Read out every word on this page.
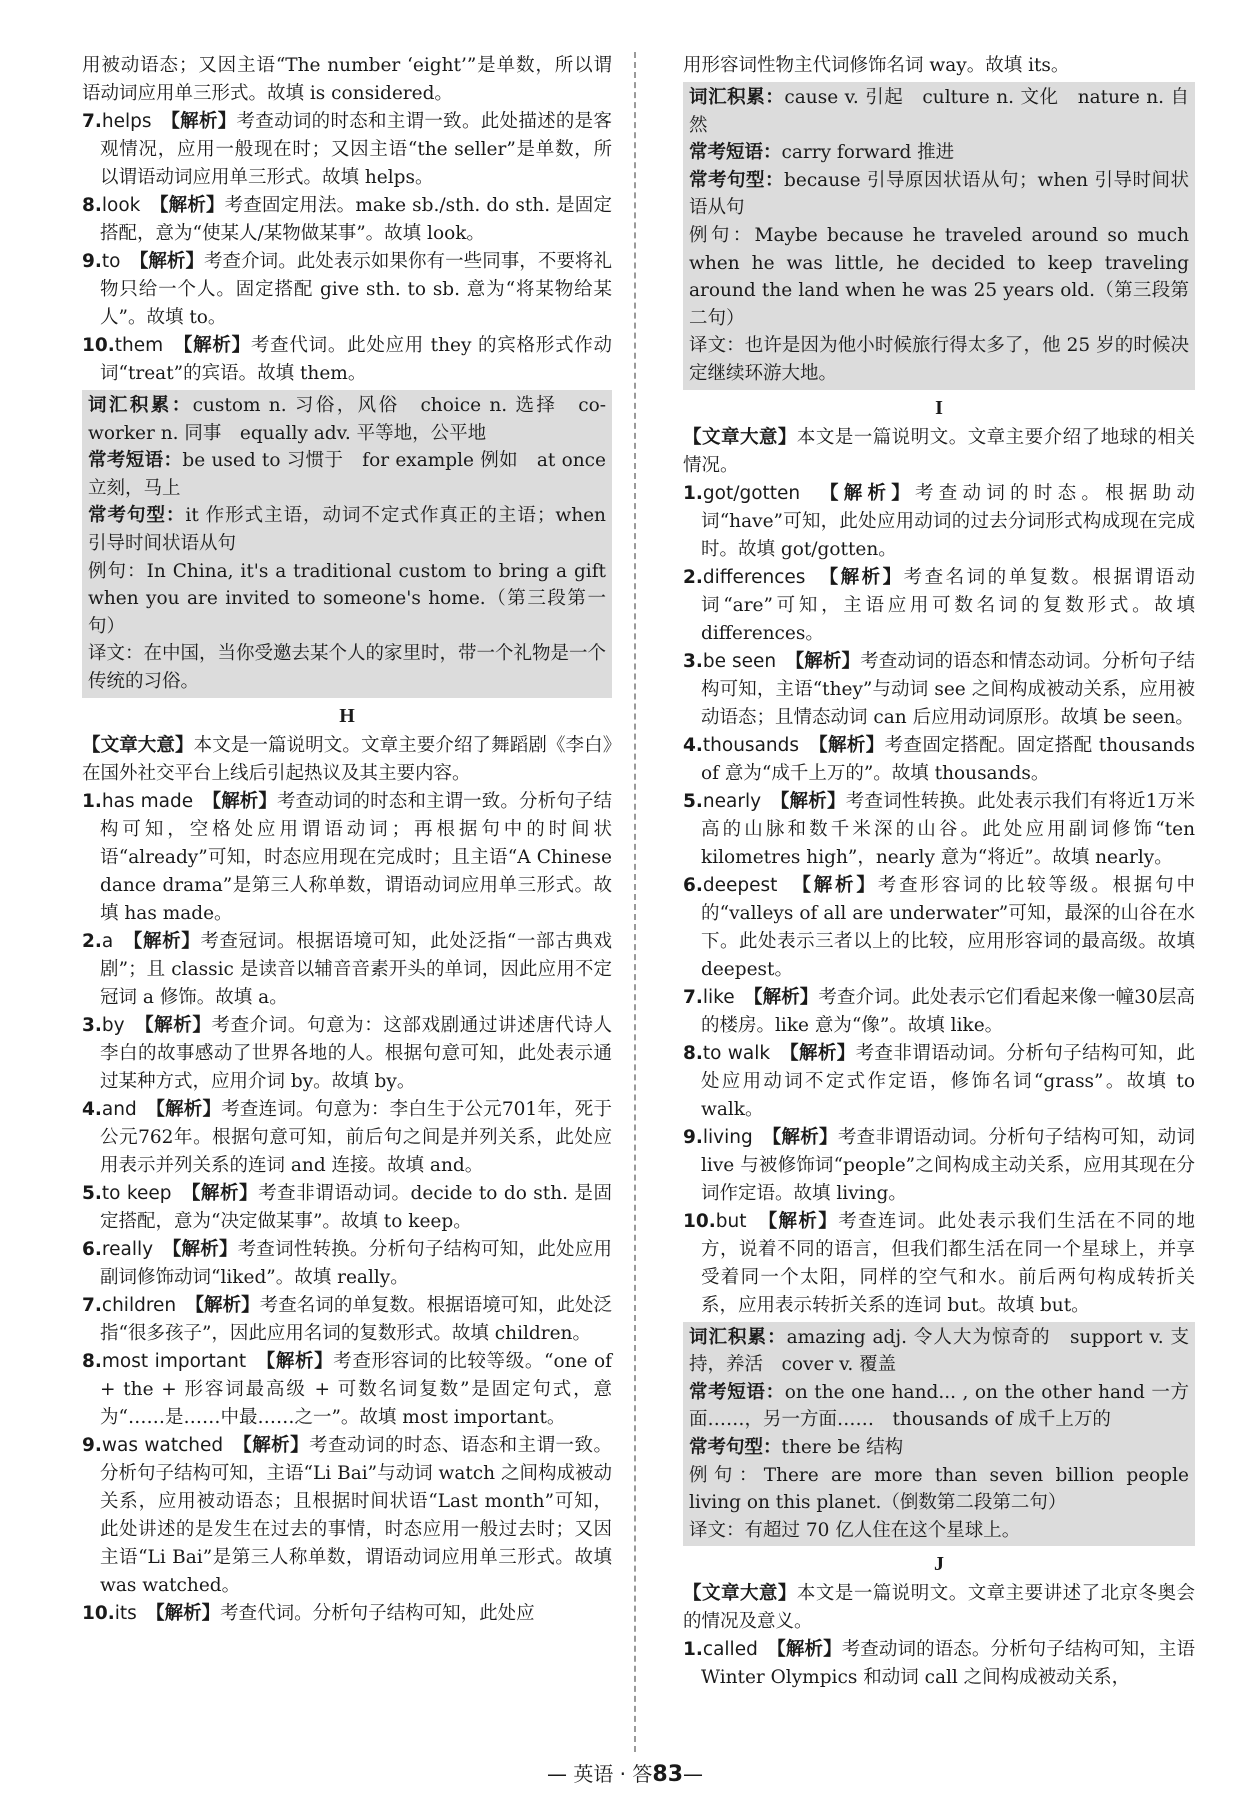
用被动语态；又因主语“The number ‘eight’”是单数，所以谓语动词应用单三形式。故填 is considered。

7.helps　 【解析】考查动词的时态和主谓一致。此处描述的是客观情况，应用一般现在时；又因主语“the seller”是单数，所以谓语动词应用单三形式。故填 helps。

8.look　 【解析】考查固定用法。make sb./sth. do sth. 是固定搭配，意为“使某人/某物做某事”。故填 look。

9.to　 【解析】考查介词。此处表示如果你有一些同事，不要将礼物只给一个人。固定搭配 give sth. to sb. 意为“将某物给某人”。故填 to。

10.them　 【解析】考查代词。此处应用 they 的宾格形式作动词“treat”的宾语。故填 them。

词汇积累：custom n. 习俗，风俗　choice n. 选择　co-worker n. 同事　equally adv. 平等地，公平地

常考短语：be used to 习惯于　for example 例如　at once 立刻，马上

常考句型：it 作形式主语，动词不定式作真正的主语；when 引导时间状语从句

例句：In China, it's a traditional custom to bring a gift when you are invited to someone's home.（第三段第一句）

译文：在中国，当你受邀去某个人的家里时，带一个礼物是一个传统的习俗。

H

【文章大意】本文是一篇说明文。文章主要介绍了舞蹈剧《李白》在国外社交平台上线后引起热议及其主要内容。

1.has made　 【解析】考查动词的时态和主谓一致。分析句子结构可知，空格处应用谓语动词；再根据句中的时间状语“already”可知，时态应用现在完成时；且主语“A Chinese dance drama”是第三人称单数，谓语动词应用单三形式。故填 has made。

2.a　 【解析】考查冠词。根据语境可知，此处泛指“一部古典戏剧”；且 classic 是读音以辅音音素开头的单词，因此应用不定冠词 a 修饰。故填 a。

3.by　 【解析】考查介词。句意为：这部戏剧通过讲述唐代诗人李白的故事感动了世界各地的人。根据句意可知，此处表示通过某种方式，应用介词 by。故填 by。

4.and　 【解析】考查连词。句意为：李白生于公元701年，死于公元762年。根据句意可知，前后句之间是并列关系，此处应用表示并列关系的连词 and 连接。故填 and。

5.to keep　 【解析】考查非谓语动词。decide to do sth. 是固定搭配，意为“决定做某事”。故填 to keep。

6.really　 【解析】考查词性转换。分析句子结构可知，此处应用副词修饰动词“liked”。故填 really。

7.children　 【解析】考查名词的单复数。根据语境可知，此处泛指“很多孩子”，因此应用名词的复数形式。故填 children。

8.most important　 【解析】考查形容词的比较等级。“one of + the + 形容词最高级 + 可数名词复数”是固定句式，意为“……是……中最……之一”。故填 most important。

9.was watched　 【解析】考查动词的时态、语态和主谓一致。分析句子结构可知，主语“Li Bai”与动词 watch 之间构成被动关系，应用被动语态；且根据时间状语“Last month”可知，此处讲述的是发生在过去的事情，时态应用一般过去时；又因主语“Li Bai”是第三人称单数，谓语动词应用单三形式。故填 was watched。

10.its　 【解析】考查代词。分析句子结构可知，此处应

用形容词性物主代词修饰名词 way。故填 its。

词汇积累：cause v. 引起　culture n. 文化　nature n. 自然

常考短语：carry forward 推进

常考句型：because 引导原因状语从句；when 引导时间状语从句

例句：Maybe because he traveled around so much when he was little, he decided to keep traveling around the land when he was 25 years old.（第三段第二句）

译文：也许是因为他小时候旅行得太多了，他 25 岁的时候决定继续环游大地。

I

【文章大意】本文是一篇说明文。文章主要介绍了地球的相关情况。

1.got/gotten　 【解析】考查动词的时态。根据助动词“have”可知，此处应用动词的过去分词形式构成现在完成时。故填 got/gotten。

2.differences　 【解析】考查名词的单复数。根据谓语动词“are”可知，主语应用可数名词的复数形式。故填 differences。

3.be seen　 【解析】考查动词的语态和情态动词。分析句子结构可知，主语“they”与动词 see 之间构成被动关系，应用被动语态；且情态动词 can 后应用动词原形。故填 be seen。

4.thousands　 【解析】考查固定搭配。固定搭配 thousands of 意为“成千上万的”。故填 thousands。

5.nearly　 【解析】考查词性转换。此处表示我们有将近1万米高的山脉和数千米深的山谷。此处应用副词修饰“ten kilometres high”，nearly 意为“将近”。故填 nearly。

6.deepest　 【解析】考查形容词的比较等级。根据句中的“valleys of all are underwater”可知，最深的山谷在水下。此处表示三者以上的比较，应用形容词的最高级。故填 deepest。

7.like　 【解析】考查介词。此处表示它们看起来像一幢30层高的楼房。like 意为“像”。故填 like。

8.to walk　 【解析】考查非谓语动词。分析句子结构可知，此处应用动词不定式作定语，修饰名词“grass”。故填 to walk。

9.living　 【解析】考查非谓语动词。分析句子结构可知，动词 live 与被修饰词“people”之间构成主动关系，应用其现在分词作定语。故填 living。

10.but　 【解析】考查连词。此处表示我们生活在不同的地方，说着不同的语言，但我们都生活在同一个星球上，并享受着同一个太阳，同样的空气和水。前后两句构成转折关系，应用表示转折关系的连词 but。故填 but。

词汇积累：amazing adj. 令人大为惊奇的　support v. 支持，养活　cover v. 覆盖

常考短语：on the one hand... , on the other hand 一方面……，另一方面……　thousands of 成千上万的

常考句型：there be 结构

例句：There are more than seven billion people living on this planet.（倒数第二段第二句）

译文：有超过 70 亿人住在这个星球上。

J

【文章大意】本文是一篇说明文。文章主要讲述了北京冬奥会的情况及意义。

1.called　 【解析】考查动词的语态。分析句子结构可知，主语 Winter Olympics 和动词 call 之间构成被动关系，

— 英语 · 答83—
